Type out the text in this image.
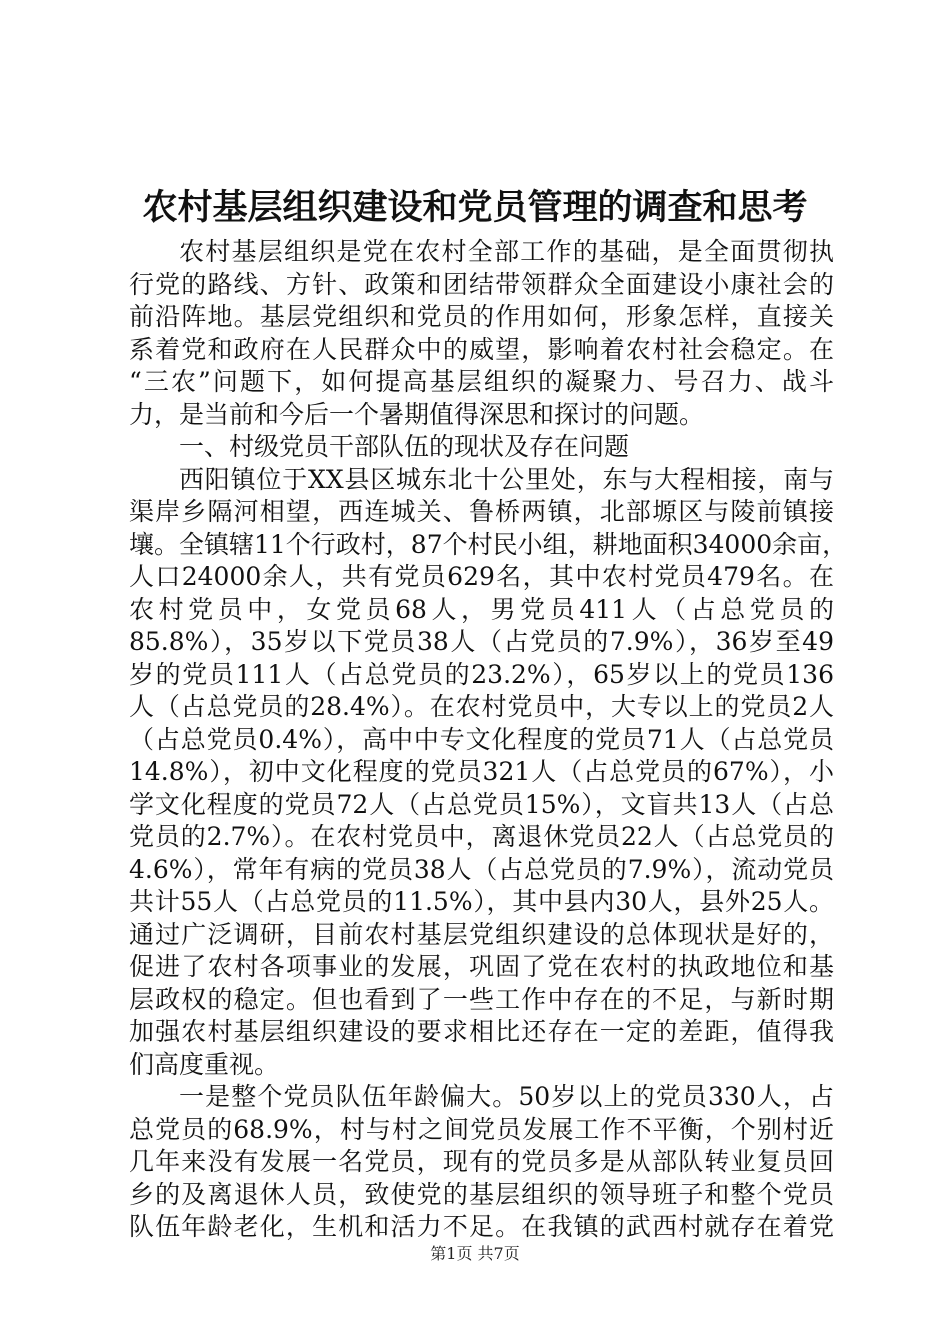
农村基层组织建设和党员管理的调查和思考
农村基层组织是党在农村全部工作的基础，是全面贯彻执
行党的路线、方针、政策和团结带领群众全面建设小康社会的
前沿阵地。基层党组织和党员的作用如何，形象怎样，直接关
系着党和政府在人民群众中的威望，影响着农村社会稳定。在
“三农”问题下，如何提高基层组织的凝聚力、号召力、战斗
力，是当前和今后一个暑期值得深思和探讨的问题。
一、村级党员干部队伍的现状及存在问题
西阳镇位于XX县区城东北十公里处，东与大程相接，南与
渠岸乡隔河相望，西连城关、鲁桥两镇，北部塬区与陵前镇接
壤。全镇辖11个行政村，87个村民小组，耕地面积34000余亩，
人口24000余人，共有党员629名，其中农村党员479名。在
农村党员中，女党员68人，男党员411人（占总党员的
85.8%），35岁以下党员38人（占党员的7.9%），36岁至49
岁的党员111人（占总党员的23.2%），65岁以上的党员136
人（占总党员的28.4%）。在农村党员中，大专以上的党员2人
（占总党员0.4%），高中中专文化程度的党员71人（占总党员
14.8%），初中文化程度的党员321人（占总党员的67%），小
学文化程度的党员72人（占总党员15%），文盲共13人（占总
党员的2.7%）。在农村党员中，离退休党员22人（占总党员的
4.6%），常年有病的党员38人（占总党员的7.9%），流动党员
共计55人（占总党员的11.5%），其中县内30人，县外25人。
通过广泛调研，目前农村基层党组织建设的总体现状是好的，
促进了农村各项事业的发展，巩固了党在农村的执政地位和基
层政权的稳定。但也看到了一些工作中存在的不足，与新时期
加强农村基层组织建设的要求相比还存在一定的差距，值得我
们高度重视。
一是整个党员队伍年龄偏大。50岁以上的党员330人，占
总党员的68.9%，村与村之间党员发展工作不平衡，个别村近
几年来没有发展一名党员，现有的党员多是从部队转业复员回
乡的及离退休人员，致使党的基层组织的领导班子和整个党员
队伍年龄老化，生机和活力不足。在我镇的武西村就存在着党
第1页 共7页
